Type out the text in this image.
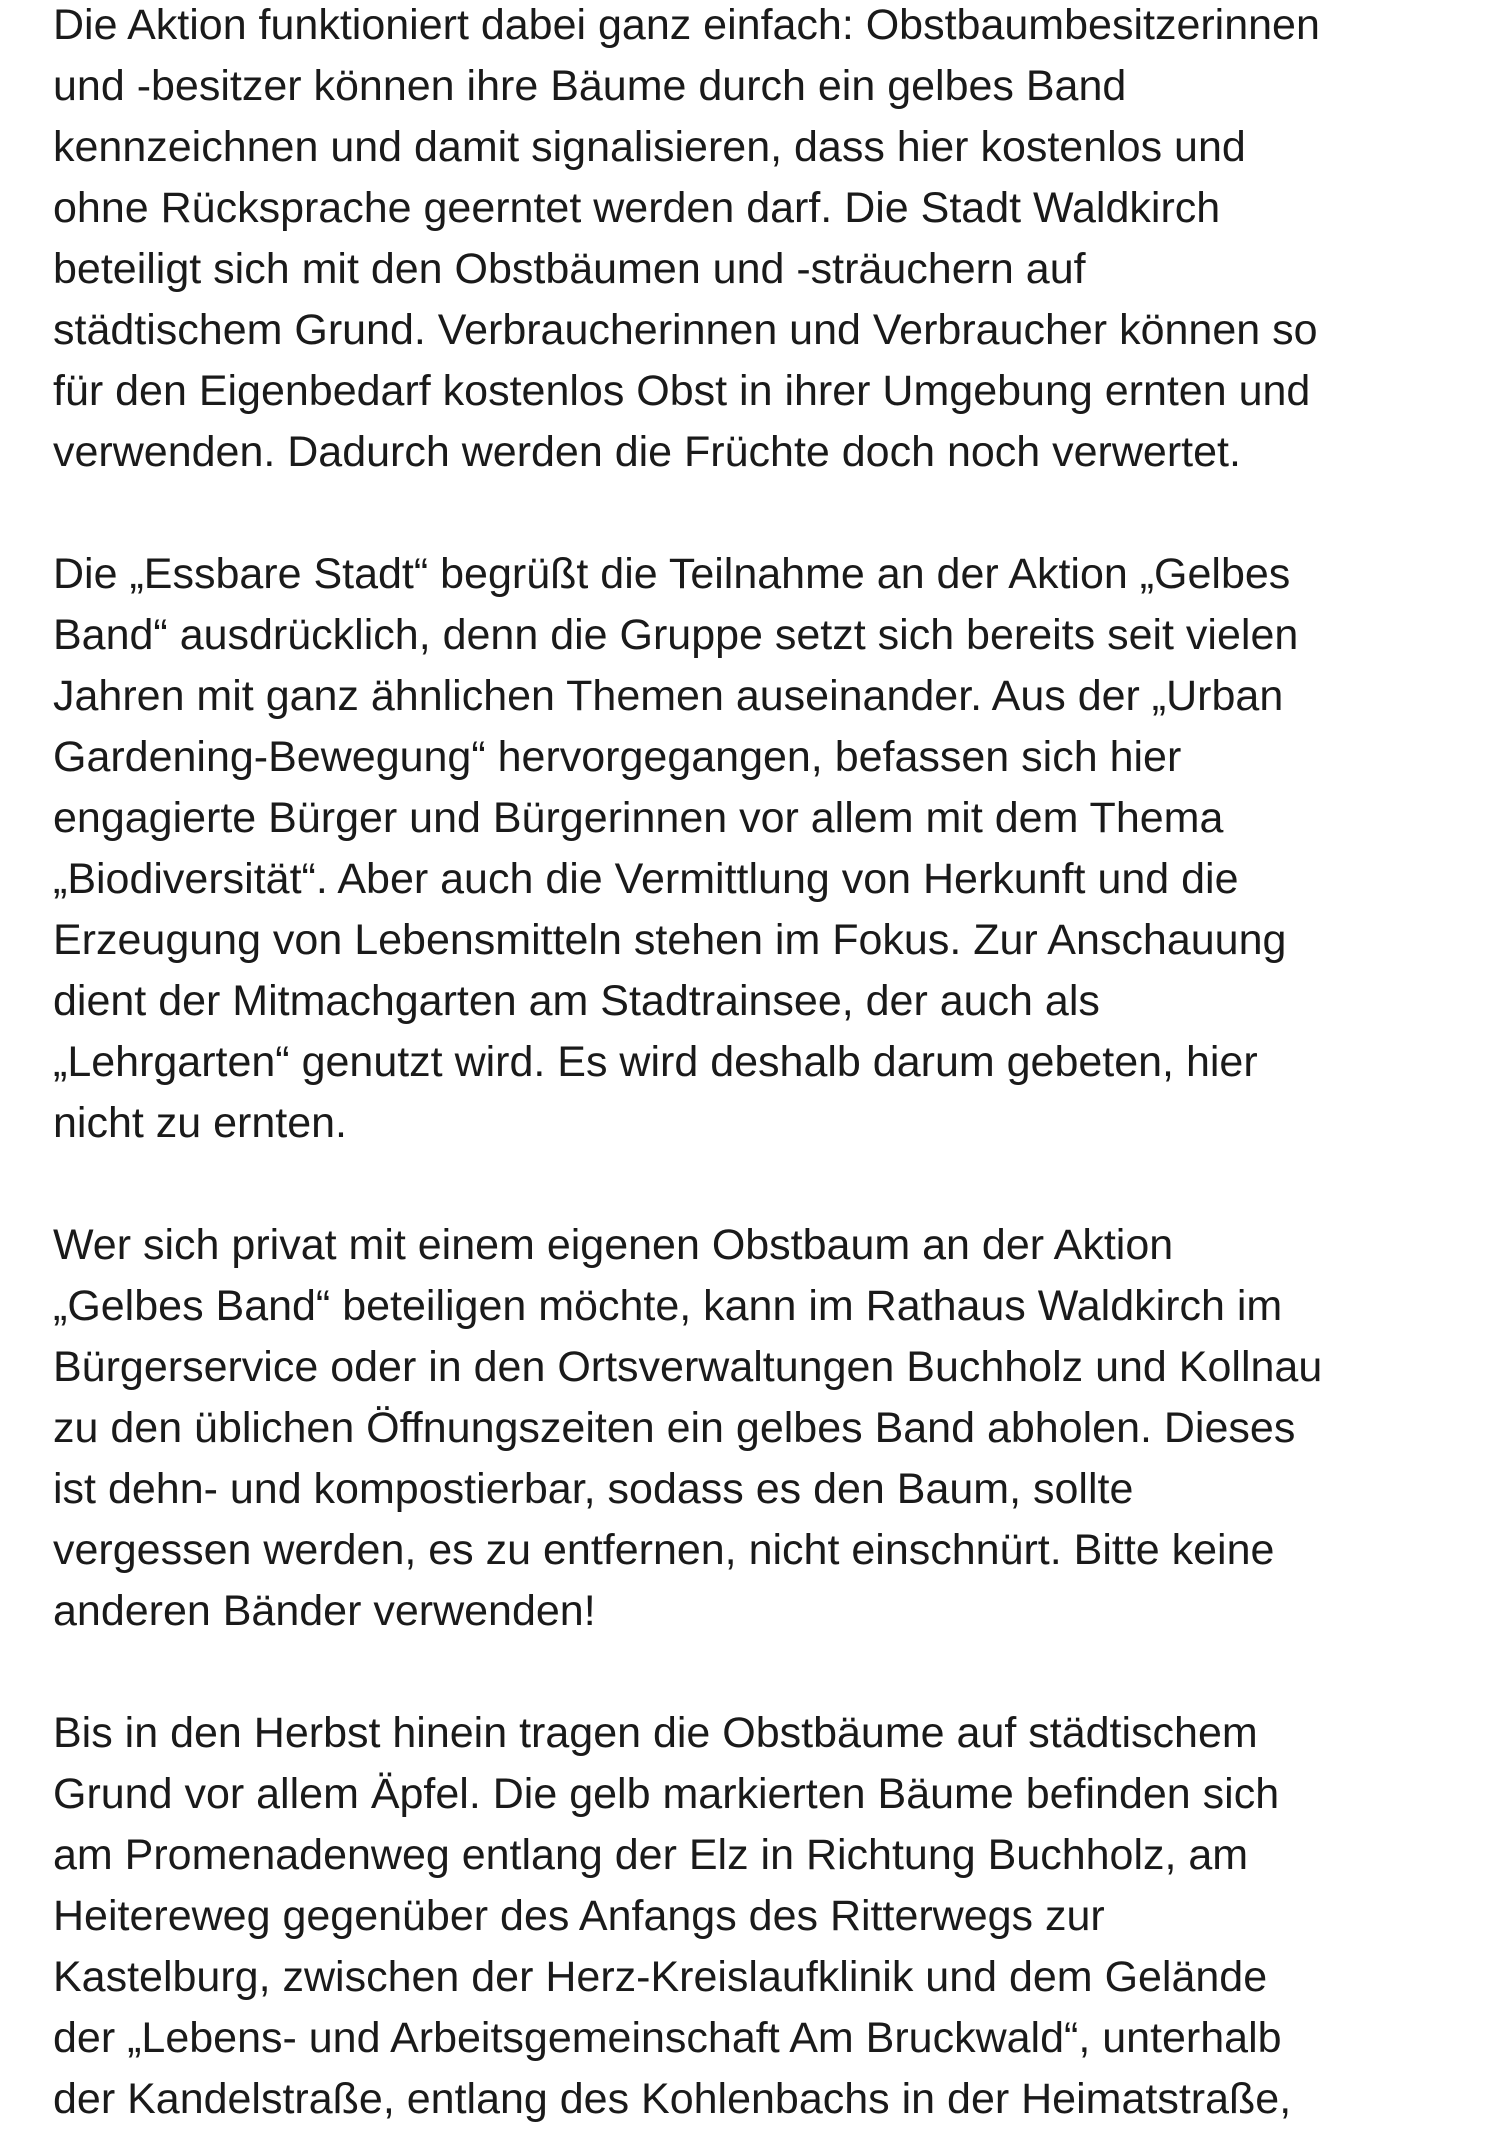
Die Aktion funktioniert dabei ganz einfach: Obstbaumbesitzerinnen
und -besitzer können ihre Bäume durch ein gelbes Band
kennzeichnen und damit signalisieren, dass hier kostenlos und
ohne Rücksprache geerntet werden darf. Die Stadt Waldkirch
beteiligt sich mit den Obstbäumen und -sträuchern auf
städtischem Grund. Verbraucherinnen und Verbraucher können so
für den Eigenbedarf kostenlos Obst in ihrer Umgebung ernten und
verwenden. Dadurch werden die Früchte doch noch verwertet.

Die „Essbare Stadt“ begrüßt die Teilnahme an der Aktion „Gelbes
Band“ ausdrücklich, denn die Gruppe setzt sich bereits seit vielen
Jahren mit ganz ähnlichen Themen auseinander. Aus der „Urban
Gardening-Bewegung“ hervorgegangen, befassen sich hier
engagierte Bürger und Bürgerinnen vor allem mit dem Thema
„Biodiversität“. Aber auch die Vermittlung von Herkunft und die
Erzeugung von Lebensmitteln stehen im Fokus. Zur Anschauung
dient der Mitmachgarten am Stadtrainsee, der auch als
„Lehrgarten“ genutzt wird. Es wird deshalb darum gebeten, hier
nicht zu ernten.

Wer sich privat mit einem eigenen Obstbaum an der Aktion
„Gelbes Band“ beteiligen möchte, kann im Rathaus Waldkirch im
Bürgerservice oder in den Ortsverwaltungen Buchholz und Kollnau
zu den üblichen Öffnungszeiten ein gelbes Band abholen. Dieses
ist dehn- und kompostierbar, sodass es den Baum, sollte
vergessen werden, es zu entfernen, nicht einschnürt. Bitte keine
anderen Bänder verwenden!

Bis in den Herbst hinein tragen die Obstbäume auf städtischem
Grund vor allem Äpfel. Die gelb markierten Bäume befinden sich
am Promenadenweg entlang der Elz in Richtung Buchholz, am
Heitereweg gegenüber des Anfangs des Ritterwegs zur
Kastelburg, zwischen der Herz-Kreislaufklinik und dem Gelände
der „Lebens- und Arbeitsgemeinschaft Am Bruckwald“, unterhalb
der Kandelstraße, entlang des Kohlenbachs in der Heimatstraße,
